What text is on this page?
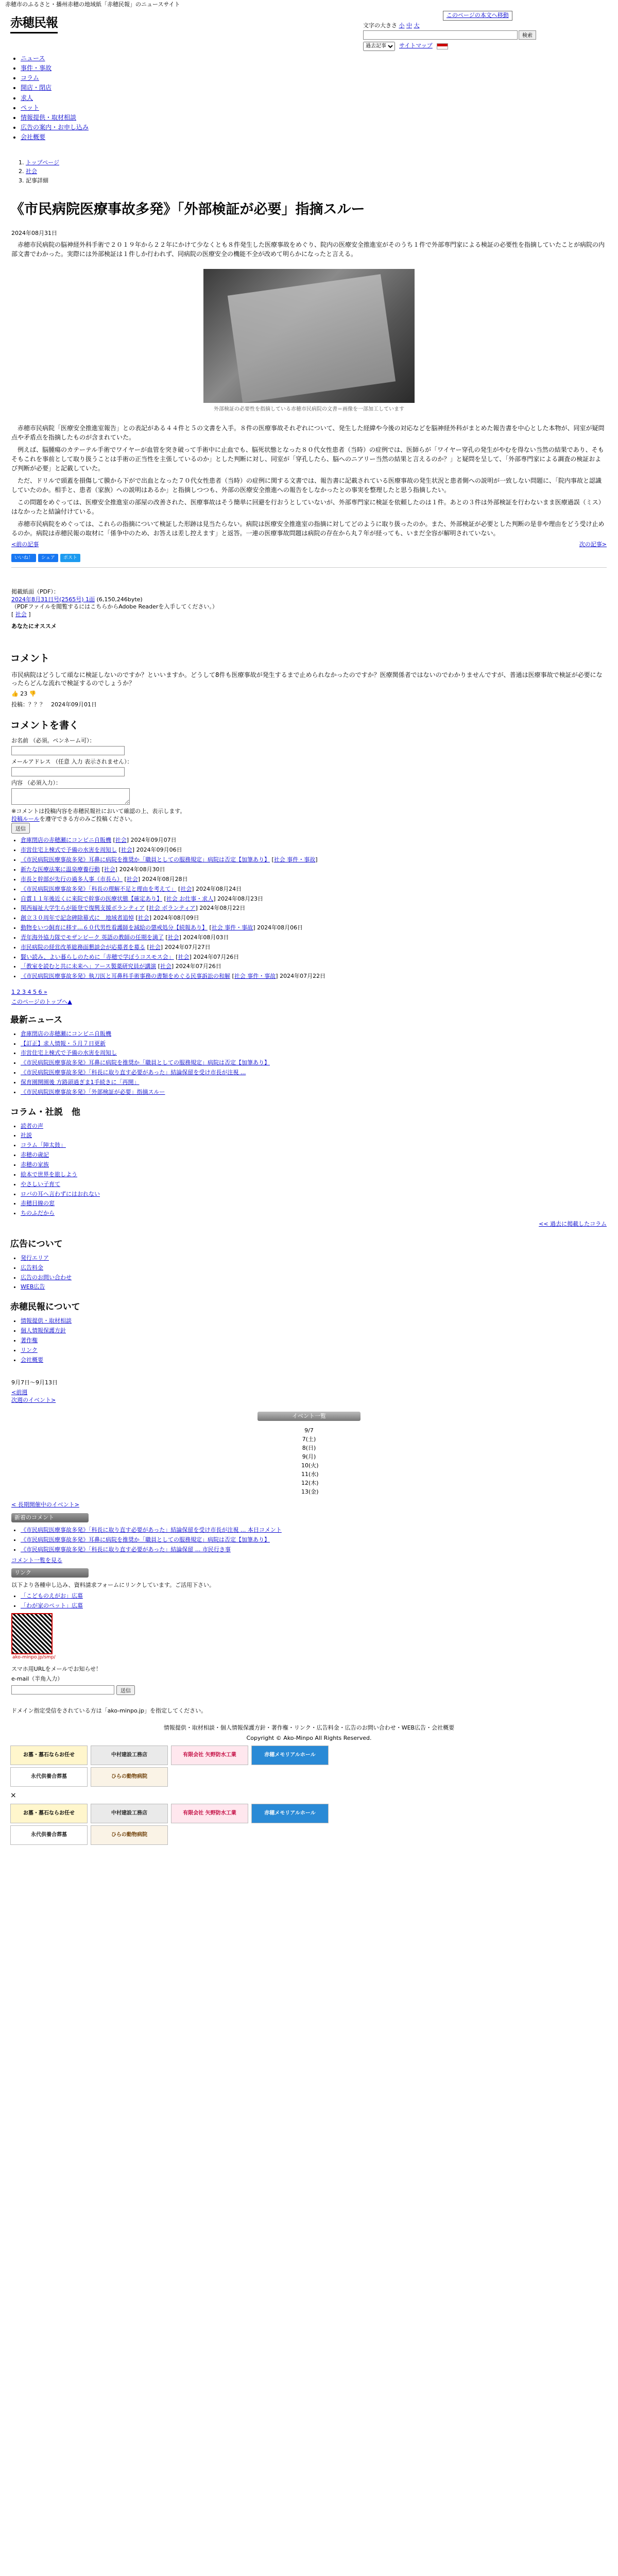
赤穂市のふるさと・播州赤穂の地域紙「赤穂民報」のニュースサイト
赤穂民報	このページの本文へ移動
文字の大きさ 小 中 大
検索
過去記事
サイトマップ
• ニュース
• 事件・事故
• コラム
• 開店・閉店
• 求人
• ペット
• 情報提供・取材相談
• 広告の案内・お申し込み
• 会社概要
1. トップページ
2. 社会
3. 記事詳細
《市民病院医療事故多発》「外部検証が必要」指摘スルー
2024年08月31日

赤穂市民病院の脳神経外科手術で２０１９年から２２年にかけて少なくとも８件発生した医療事故をめぐり、院内の医療安全推進室がそのうち１件で外部専門家による検証の必要性を指摘していたことが病院の内部文書でわかった。実際には外部検証は１件しか行われず、同病院の医療安全の機能不全が改めて明らかになったと言える。

外部検証の必要性を指摘している赤穂市民病院の文書＝画像を一部加工しています

赤穂市民病院「医療安全推進室報告」との表記がある４４件と５の文書を入手。８件の医療事故それぞれについて、発生した経緯や今後の対応などを脳神経外科がまとめた報告書を中心とした本物が、同室が疑問点や矛盾点を指摘したものが含まれていた。

例えば、脳腫瘍のカテーテル手術でワイヤーが血管を突き破って手術中に止血でも、脳死状態となった８０代女性患者（当時）の症例では、医師らが「ワイヤー穿孔の発生がやむを得ない当然の結果であり、そもそもこれを事前として取り扱うことは手術の正当性を主張しているのか」とした判断に対し、同室が「穿孔したら、脳へのニアリー当然の結果と言えるのか？」と疑問を呈して、「外部専門家による調査の検証および判断が必要」と記載していた。

ただ、ドリルで頭蓋を損傷して膜から下がで出血となった７０代女性患者（当時）の症例に関する文書では、報告書に記載されている医療事故の発生状況と患者側への説明が一致しない問題に、「院内事故と認識していたのか。相手と、患者（家族）への説明はあるか」と指摘しつつも、外部の医療安全推進への報告をしなかったとの事実を整理したと思う指摘したい。

この問題をめぐっては、医療安全推進室の部屋の改善された、医療事故はそう簡単に回避を行おうとしていないが、外部専門家に検証を依頼したのは１件。あとの３件は外部検証を行わないまま医療過誤（ミス）はなかったと結論付けている。

赤穂市民病院をめぐっては、これらの指摘について検証した形跡は見当たらない。病院は医療安全推進室の指摘に対してどのように取り扱ったのか。また、外部検証が必要とした判断の是非や理由をどう受け止めるのか。病院は赤穂民報の取材に「係争中のため、お答えは差し控えます」と返答。一連の医療事故問題は病院の存在から丸７年が経っても、いまだ全容が解明されていない。

<前の記事	次の記事>
いいね！	シェア	ポスト
掲載紙面（PDF）：
2024年8月31日号(2565号) 1面 (6,150,246byte)
（PDFファイルを閲覧するにはこちらからAdobe Readerを入手してください。）
[ 社会 ]
あなたにオススメ
コメント
市民病院はどうして頑なに検証しないのですか？といいますか。どうして8件も医療事故が発生するまで止められなかったのですか？医療関係者ではないのでわかりませんですが、普通は医療事故で検証が必要になったらどんな流れで検証するのでしょうか？
👍 23 👎
投稿：？？？　2024年09月01日
コメントを書く
お名前 （必須。ペンネーム可）：
メールアドレス （任意 入力 表示されません）：
内容 （必須入力）：
※コメントは投稿内容を赤穂民報社において確認の上、表示します。
投稿ルールを遵守できる方のみご投稿ください。
送信
• 倉庫閉店の赤穂瀬にコンビニ自販機 [社会] 2024年09月07日
• 市営住宅上棟式で予備の水害を周知し [社会] 2024年09月06日
• 《市民病院医療事故多発》耳鼻に病院を推奨か「職員としての服務規定」病院は否定【加筆あり】 [社会 事件・事故]
• 新たな医療法案に温泉療養行動 [社会] 2024年08月30日
• 市長と幹部が先行の過多人事（市長ら） [社会] 2024年08月28日
• 《市民病院医療事故多発》「科長の理解不足と理由を考えて」 [社会] 2024年08月24日
• 自賞１１年後近くに来院で幹事の医療状態【確定あり】 [社会 お仕事・求人] 2024年08月23日
• 関西福祉大学生らが能登で復興支援ボランティア [社会 ボランティア] 2024年08月22日
• 創立３０周年で記念碑除幕式に　地域者追悼 [社会] 2024年08月09日
• 動物をいつ飼育に移す…６０代男性看護師を減給の懲戒処分【続報あり】 [社会 事件・事故] 2024年08月06日
• 青年海外協力隊でモザンビーク 英語の教師の任期を満了 [社会] 2024年08月03日
• 市民病院の経営改革総務面懇談会が応募者を募る [社会] 2024年07月27日
• 賢い読み、よい暮らしのために「赤穂で学ぼうコスモス会」 [社会] 2024年07月26日
• 「教室を読むと共に未来へ」アース製薬研究員が講演 [社会] 2024年07月26日
• 《市民病院医療事故多発》執刀医と耳鼻科手術事務の書類をめぐる民事訴訟の和解 [社会 事件・事故] 2024年07月22日
1 2 3 4 5 6 »
このページのトップへ▲
最新ニュース
• 倉庫閉店の赤穂瀬にコンビニ自販機
• 【訂正】求人情報・５月７日更新
• 市営住宅上棟式で予備の水害を周知し
• 《市民病院医療事故多発》耳鼻に病院を推奨か「職員としての服務規定」病院は否定【加筆あり】
• 《市民病院医療事故多発》「科長に取り直す必要があった」結論保留を受け市長が注視 ...
• 保育園開園後 方路頭過ぎま1手続きに「再開」
• 《市民病院医療事故多発》「外部検証が必要」指摘スルー
コラム・社説　他
• 読者の声
• 社説
• コラム「陣太鼓」
• 赤穂の歳記
• 赤穂の家族
• 絵本で世界を旅しよう
• やさしい子育て
• ロバの耳へ言わずにはおれない
• 赤穂目線の窓
• ちのふだから
<< 過去に掲載したコラム
広告について
• 発行エリア
• 広告料金
• 広告のお問い合わせ
• WEB広告
赤穂民報について
• 情報提供・取材相談
• 個人情報保護方針
• 著作権
• リンク
• 会社概要
9月7日～9月13日
<前週
次週のイベント>
イベント一覧
9/7
7(土)
8(日)
9(月)
10(火)
11(水)
12(木)
13(金)
< 長期開催中のイベント>
新着のコメント
• 《市民病院医療事故多発》「科長に取り直す必要があった」結論保留を受け市長が注視 ... 本日コメント
• 《市民病院医療事故多発》耳鼻に病院を推奨か「職員としての服務規定」病院は否定【加筆あり】
• 《市民病院医療事故多発》「科長に取り直す必要があった」結論保留 ... 市民行き事
コメント一覧を見る
リンク
以下より各種申し込み、資料請求フォームにリンクしています。ご活用下さい。
• 「こどものえがお」広募
• 「わが家のペット」広募
ako-minpo.jp/smp/
スマホ用URLをメールでお知らせ！
e-mail（半角入力）
送信
ドメイン指定受信をされている方は「ako-minpo.jp」を指定してください。
情報提供・取材相談・個人情報保護方針・著作権・リンク・広告料金・広告のお問い合わせ・WEB広告・会社概要
Copyright © Ako-Minpo All Rights Reserved.
お墓・墓石ならお任せ	中村建設工務店	有限会社 矢野防水工業	赤穂メモリアルホール
永代供養合葬墓	ひらの動物病院
×
お墓・墓石ならお任せ	中村建設工務店	有限会社 矢野防水工業	赤穂メモリアルホール
永代供養合葬墓	ひらの動物病院
